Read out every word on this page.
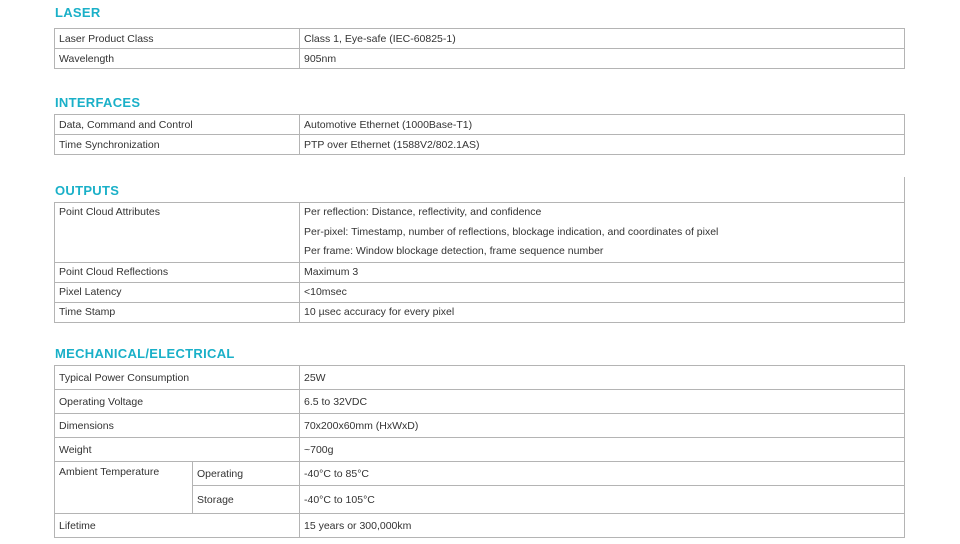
LASER
Laser Product Class	Class 1, Eye-safe (IEC-60825-1)
Wavelength	905nm
INTERFACES
Data, Command and Control	Automotive Ethernet (1000Base-T1)
Time Synchronization	PTP over Ethernet (1588V2/802.1AS)
OUTPUTS
Point Cloud Attributes	Per reflection: Distance, reflectivity, and confidence
Per-pixel: Timestamp, number of reflections, blockage indication, and coordinates of pixel
Per frame: Window blockage detection, frame sequence number

Point Cloud Reflections	Maximum 3
Pixel Latency	<10msec
Time Stamp	10 µsec accuracy for every pixel
MECHANICAL/ELECTRICAL
Typical Power Consumption		25W
Operating Voltage		6.5 to 32VDC
Dimensions		70x200x60mm (HxWxD)
Weight		~700g
Ambient Temperature	Operating	-40°C to 85°C
	Storage	-40°C to 105°C
Lifetime		15 years or 300,000km
